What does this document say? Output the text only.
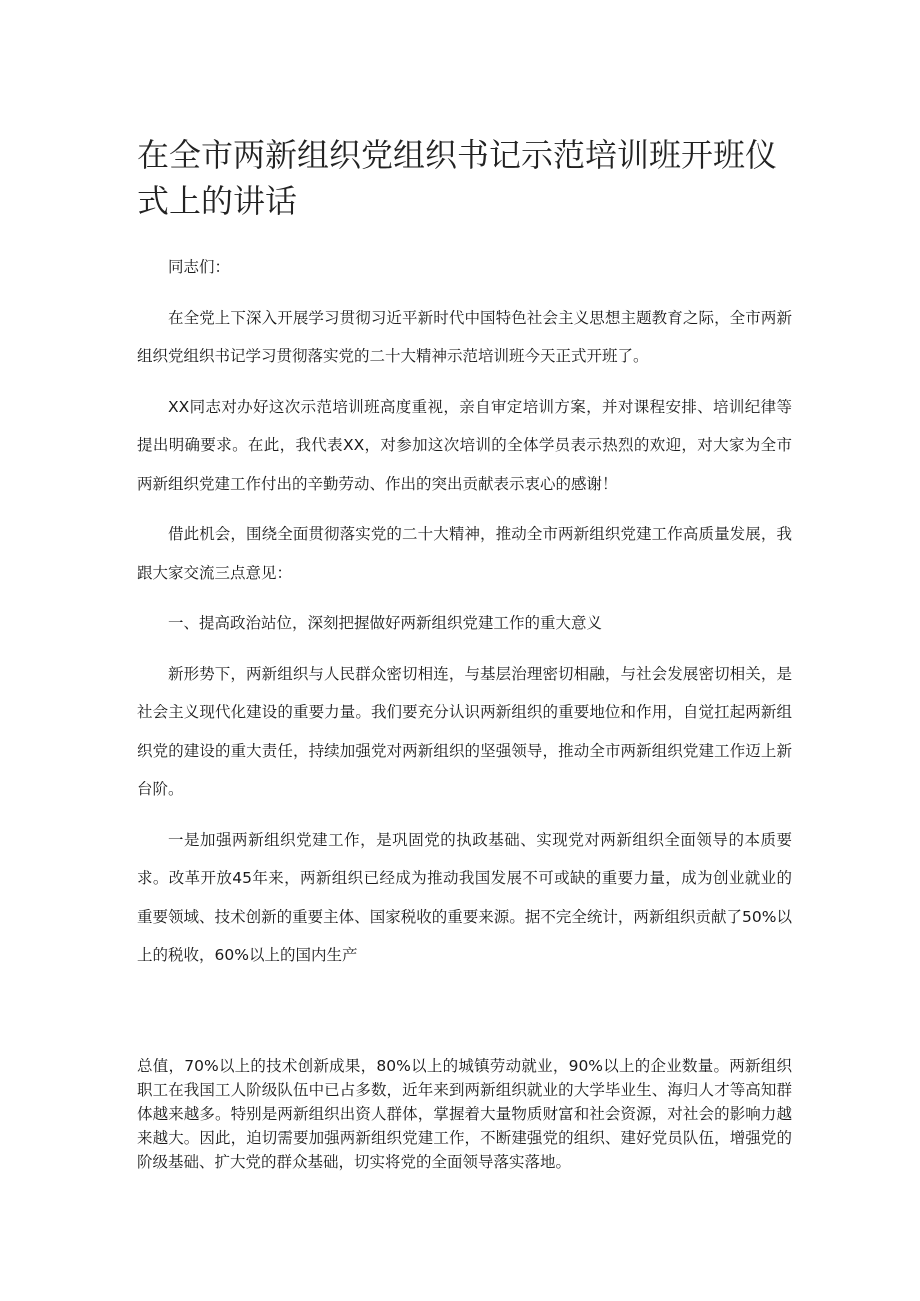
在全市两新组织党组织书记示范培训班开班仪式上的讲话

同志们：

在全党上下深入开展学习贯彻习近平新时代中国特色社会主义思想主题教育之际，全市两新组织党组织书记学习贯彻落实党的二十大精神示范培训班今天正式开班了。

XX同志对办好这次示范培训班高度重视，亲自审定培训方案，并对课程安排、培训纪律等提出明确要求。在此，我代表XX，对参加这次培训的全体学员表示热烈的欢迎，对大家为全市两新组织党建工作付出的辛勤劳动、作出的突出贡献表示衷心的感谢！

借此机会，围绕全面贯彻落实党的二十大精神，推动全市两新组织党建工作高质量发展，我跟大家交流三点意见：

一、提高政治站位，深刻把握做好两新组织党建工作的重大意义

新形势下，两新组织与人民群众密切相连，与基层治理密切相融，与社会发展密切相关，是社会主义现代化建设的重要力量。我们要充分认识两新组织的重要地位和作用，自觉扛起两新组织党的建设的重大责任，持续加强党对两新组织的坚强领导，推动全市两新组织党建工作迈上新台阶。

一是加强两新组织党建工作，是巩固党的执政基础、实现党对两新组织全面领导的本质要求。改革开放45年来，两新组织已经成为推动我国发展不可或缺的重要力量，成为创业就业的重要领域、技术创新的重要主体、国家税收的重要来源。据不完全统计，两新组织贡献了50%以上的税收，60%以上的国内生产

总值，70%以上的技术创新成果，80%以上的城镇劳动就业，90%以上的企业数量。两新组织职工在我国工人阶级队伍中已占多数，近年来到两新组织就业的大学毕业生、海归人才等高知群体越来越多。特别是两新组织出资人群体，掌握着大量物质财富和社会资源，对社会的影响力越来越大。因此，迫切需要加强两新组织党建工作，不断建强党的组织、建好党员队伍，增强党的阶级基础、扩大党的群众基础，切实将党的全面领导落实落地。
